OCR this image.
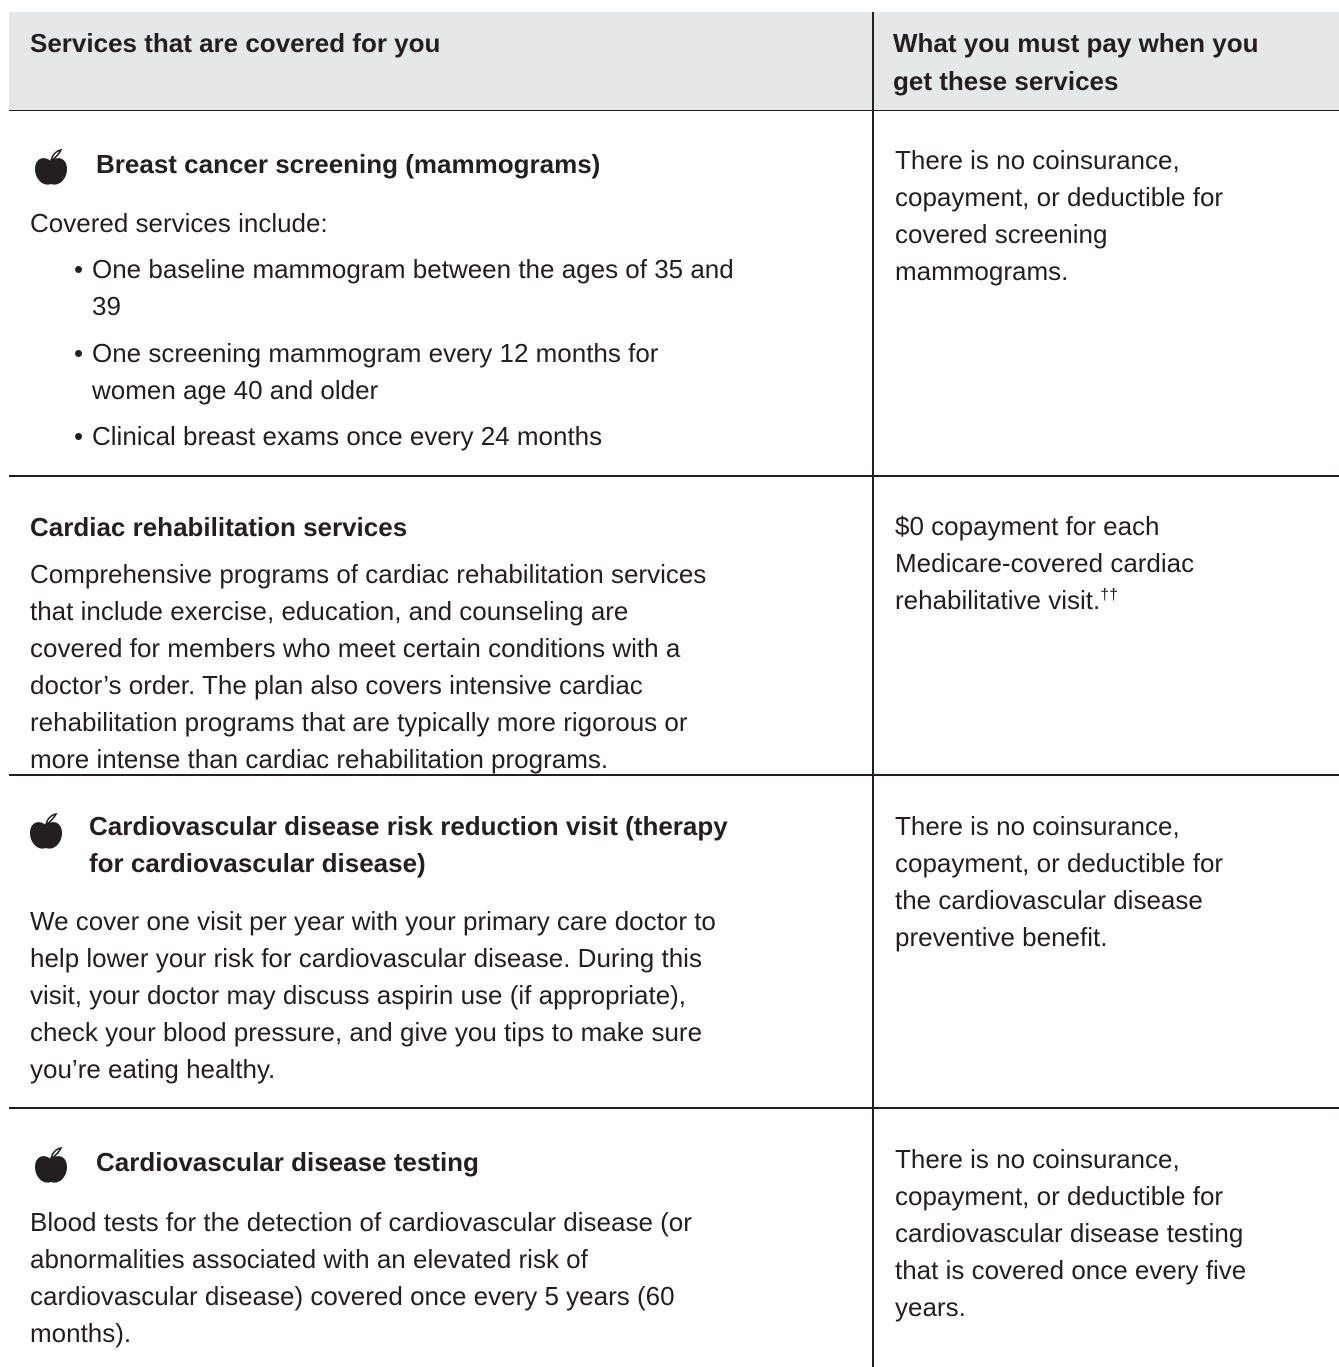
Services that are covered for you	What you must pay when you
get these services
Breast cancer screening (mammograms)
Covered services include:
• One baseline mammogram between the ages of 35 and
39
• One screening mammogram every 12 months for
women age 40 and older
• Clinical breast exams once every 24 months
There is no coinsurance,
copayment, or deductible for
covered screening
mammograms.
Cardiac rehabilitation services
Comprehensive programs of cardiac rehabilitation services
that include exercise, education, and counseling are
covered for members who meet certain conditions with a
doctor’s order. The plan also covers intensive cardiac
rehabilitation programs that are typically more rigorous or
more intense than cardiac rehabilitation programs.
$0 copayment for each
Medicare-covered cardiac
rehabilitative visit.††
Cardiovascular disease risk reduction visit (therapy
for cardiovascular disease)
We cover one visit per year with your primary care doctor to
help lower your risk for cardiovascular disease. During this
visit, your doctor may discuss aspirin use (if appropriate),
check your blood pressure, and give you tips to make sure
you’re eating healthy.
There is no coinsurance,
copayment, or deductible for
the cardiovascular disease
preventive benefit.
Cardiovascular disease testing
Blood tests for the detection of cardiovascular disease (or
abnormalities associated with an elevated risk of
cardiovascular disease) covered once every 5 years (60
months).
There is no coinsurance,
copayment, or deductible for
cardiovascular disease testing
that is covered once every five
years.
